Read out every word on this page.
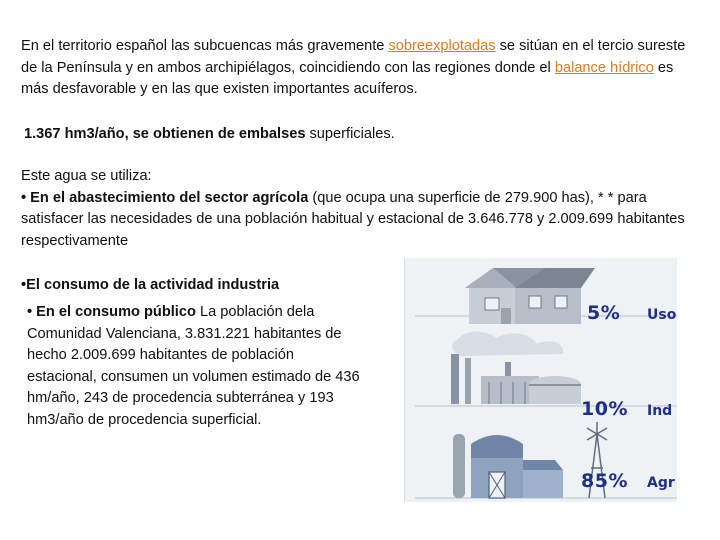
En el territorio español las subcuencas más gravemente sobreexplotadas se sitúan en el tercio sureste de la Península y en ambos archipiélagos, coincidiendo con las regiones donde el balance hídrico es más desfavorable y en las que existen importantes acuíferos.

1.367 hm3/año, se obtienen de embalses superficiales.

Este agua se utiliza:
• En el abastecimiento del sector agrícola (que ocupa una superficie de 279.900 has), * * para satisfacer las necesidades de una población habitual y estacional de 3.646.778 y 2.009.699 habitantes respectivamente

•El consumo de la actividad industria

• En el consumo público La población dela Comunidad Valenciana, 3.831.221 habitantes de hecho 2.009.699 habitantes de población estacional, consumen un volumen estimado de 436 hm/año, 243 de procedencia subterránea y 193 hm3/año de procedencia superficial.

5% Uso
10% Ind
85% Agr
